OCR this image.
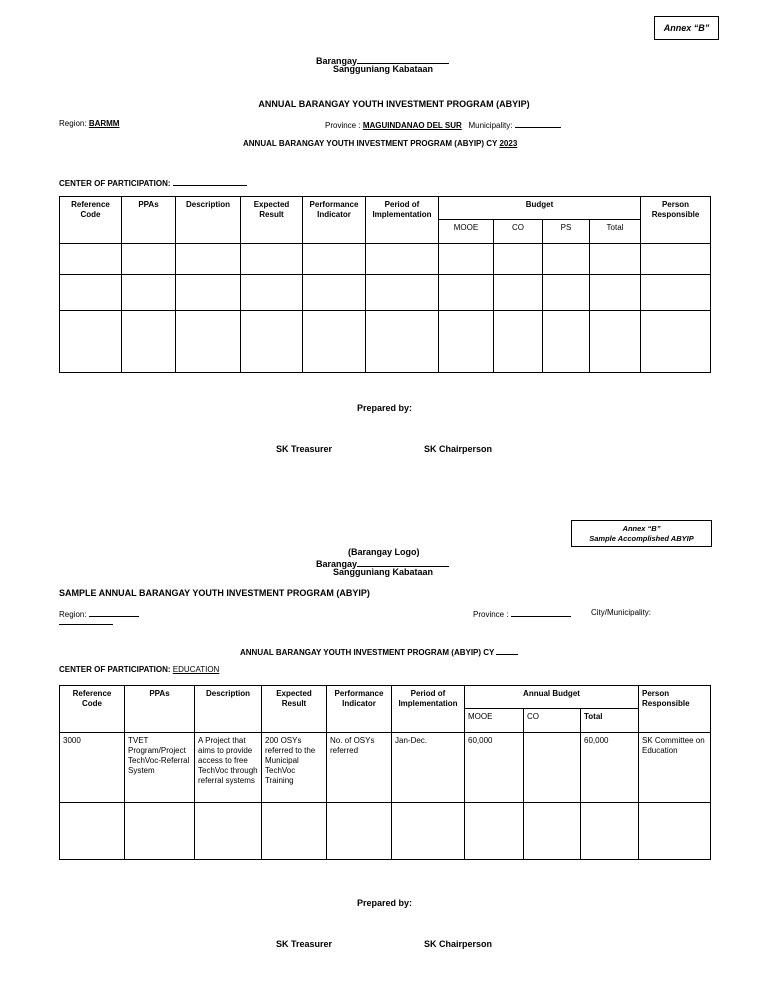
Annex “B”
Barangay
Sangguniang Kabataan
ANNUAL BARANGAY YOUTH INVESTMENT PROGRAM (ABYIP)
Region: BARMM	Province : MAGUINDANAO DEL SUR Municipality:
ANNUAL BARANGAY YOUTH INVESTMENT PROGRAM (ABYIP) CY 2023
CENTER OF PARTICIPATION:
Reference Code	PPAs	Description	Expected Result	Performance Indicator	Period of Implementation	Budget				Person Responsible
						MOOE	CO	PS	Total	

Prepared by:
SK Treasurer	SK Chairperson
Annex “B”
Sample Accomplished ABYIP
(Barangay Logo)
Barangay
Sangguniang Kabataan
SAMPLE ANNUAL BARANGAY YOUTH INVESTMENT PROGRAM (ABYIP)
Region:	Province :	City/Municipality:
ANNUAL BARANGAY YOUTH INVESTMENT PROGRAM (ABYIP) CY
CENTER OF PARTICIPATION: EDUCATION
Reference Code	PPAs	Description	Expected Result	Performance Indicator	Period of Implementation	Annual Budget			Person Responsible
						MOOE	CO	Total	
3000	TVET Program/Project TechVoc-Referral System	A Project that aims to provide access to free TechVoc through referral systems	200 OSYs referred to the Municipal TechVoc Training	No. of OSYs referred	Jan-Dec.	60,000		60,000	SK Committee on Education

Prepared by:
SK Treasurer	SK Chairperson
